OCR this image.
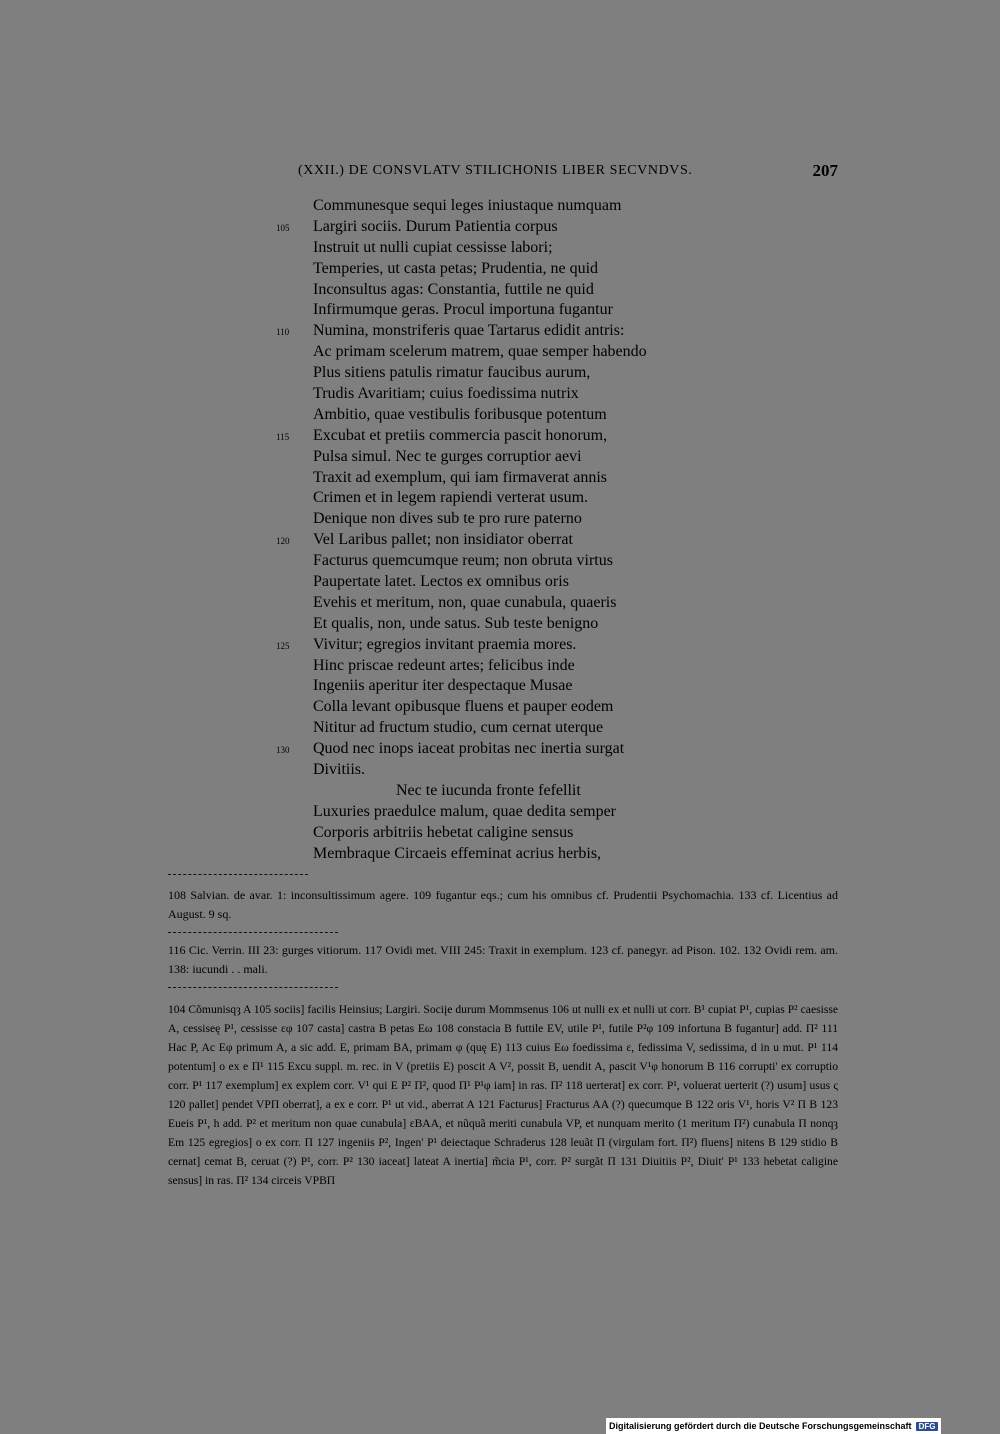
(XXII.) DE CONSVLATV STILICHONIS LIBER SECVNDVS.	207
Communesque sequi leges iniustaque numquam
105 Largiri sociis. Durum Patientia corpus
Instruit ut nulli cupiat cessisse labori;
Temperies, ut casta petas; Prudentia, ne quid
Inconsultus agas: Constantia, futtile ne quid
Infirmumque geras. Procul importuna fugantur
110 Numina, monstriferis quae Tartarus edidit antris:
Ac primam scelerum matrem, quae semper habendo
Plus sitiens patulis rimatur faucibus aurum,
Trudis Avaritiam; cuius foedissima nutrix
Ambitio, quae vestibulis foribusque potentum
115 Excubat et pretiis commercia pascit honorum,
Pulsa simul. Nec te gurges corruptior aevi
Traxit ad exemplum, qui iam firmaverat annis
Crimen et in legem rapiendi verterat usum.
Denique non dives sub te pro rure paterno
120 Vel Laribus pallet; non insidiator oberrat
Facturus quemcumque reum; non obruta virtus
Paupertate latet. Lectos ex omnibus oris
Evehis et meritum, non, quae cunabula, quaeris
Et qualis, non, unde satus. Sub teste benigno
125 Vivitur; egregios invitant praemia mores.
Hinc priscae redeunt artes; felicibus inde
Ingeniis aperitur iter despectaque Musae
Colla levant opibusque fluens et pauper eodem
Nititur ad fructum studio, cum cernat uterque
130 Quod nec inops iaceat probitas nec inertia surgat
Divitiis.
Nec te iucunda fronte fefellit
Luxuries praedulce malum, quae dedita semper
Corporis arbitriis hebetat caligine sensus
Membraque Circaeis effeminat acrius herbis,

108 Salvian. de avar. 1: inconsultissimum agere. 109 fugantur eqs.; cum his omnibus cf. Prudentii Psychomachia. 133 cf. Licentius ad August. 9 sq.

116 Cic. Verrin. III 23: gurges vitiorum. 117 Ovidi met. VIII 245: Traxit in exemplum. 123 cf. panegyr. ad Pison. 102. 132 Ovidi rem. am. 138: iucundi . . mali.

104 Cõmunisqȝ A 105 sociis] facilis Heinsius; Largiri. Sociįe durum Mommsenus 106 ut nulli ex et nulli ut corr. B¹ cupiat P¹, cupias P² caesisse A, cessiseę P¹, cessisse εφ 107 casta] castra B petas Eω 108 constacia B futtile EV, utile P¹, futile P²φ 109 infortuna B fugantur] add. Π² 111 Hac P, Ac Eφ primum A, a sic add. E, primam BA, primam φ (quę E) 113 cuius Eω foedissima ε, fedissima V, sedissima, d in u mut. P¹ 114 potentum] o ex e Π¹ 115 Excu suppl. m. rec. in V (pretiis E) poscit A V², possit B, uendit A, pascit V¹φ honorum B 116 corrupti' ex corruptio corr. P¹ 117 exemplum] ex explem corr. V¹ qui E P² Π², quod Π¹ P¹φ iam] in ras. Π² 118 uerterat] ex corr. P¹, voluerat uerterit (?) usum] usus ς 120 pallet] pendet VPΠ oberrat], a ex e corr. P¹ ut vid., aberrat A 121 Facturus] Fracturus AA (?) quecumque B 122 oris V¹, horis V² Π B 123 Eueis P¹, h add. P² et meritum non quae cunabula] εBAA, et nũquã meriti cunabula VP, et nunquam merito (1 meritum Π²) cunabula Π nonqȝ Em 125 egregios] o ex corr. Π 127 ingeniis P², Ingen' P¹ deiectaque Schraderus 128 leuãt Π (virgulam fort. Π²) fluens] nitens B 129 stidio B cernat] cemat B, ceruat (?) P¹, corr. P² 130 iaceat] lateat A inertia] m̃cia P¹, corr. P² surgãt Π 131 Diuitiis P², Diuit' P¹ 133 hebetat caligine sensus] in ras. Π² 134 circeis VPBΠ

Digitalisierung gefördert durch die Deutsche Forschungsgemeinschaft DFG
